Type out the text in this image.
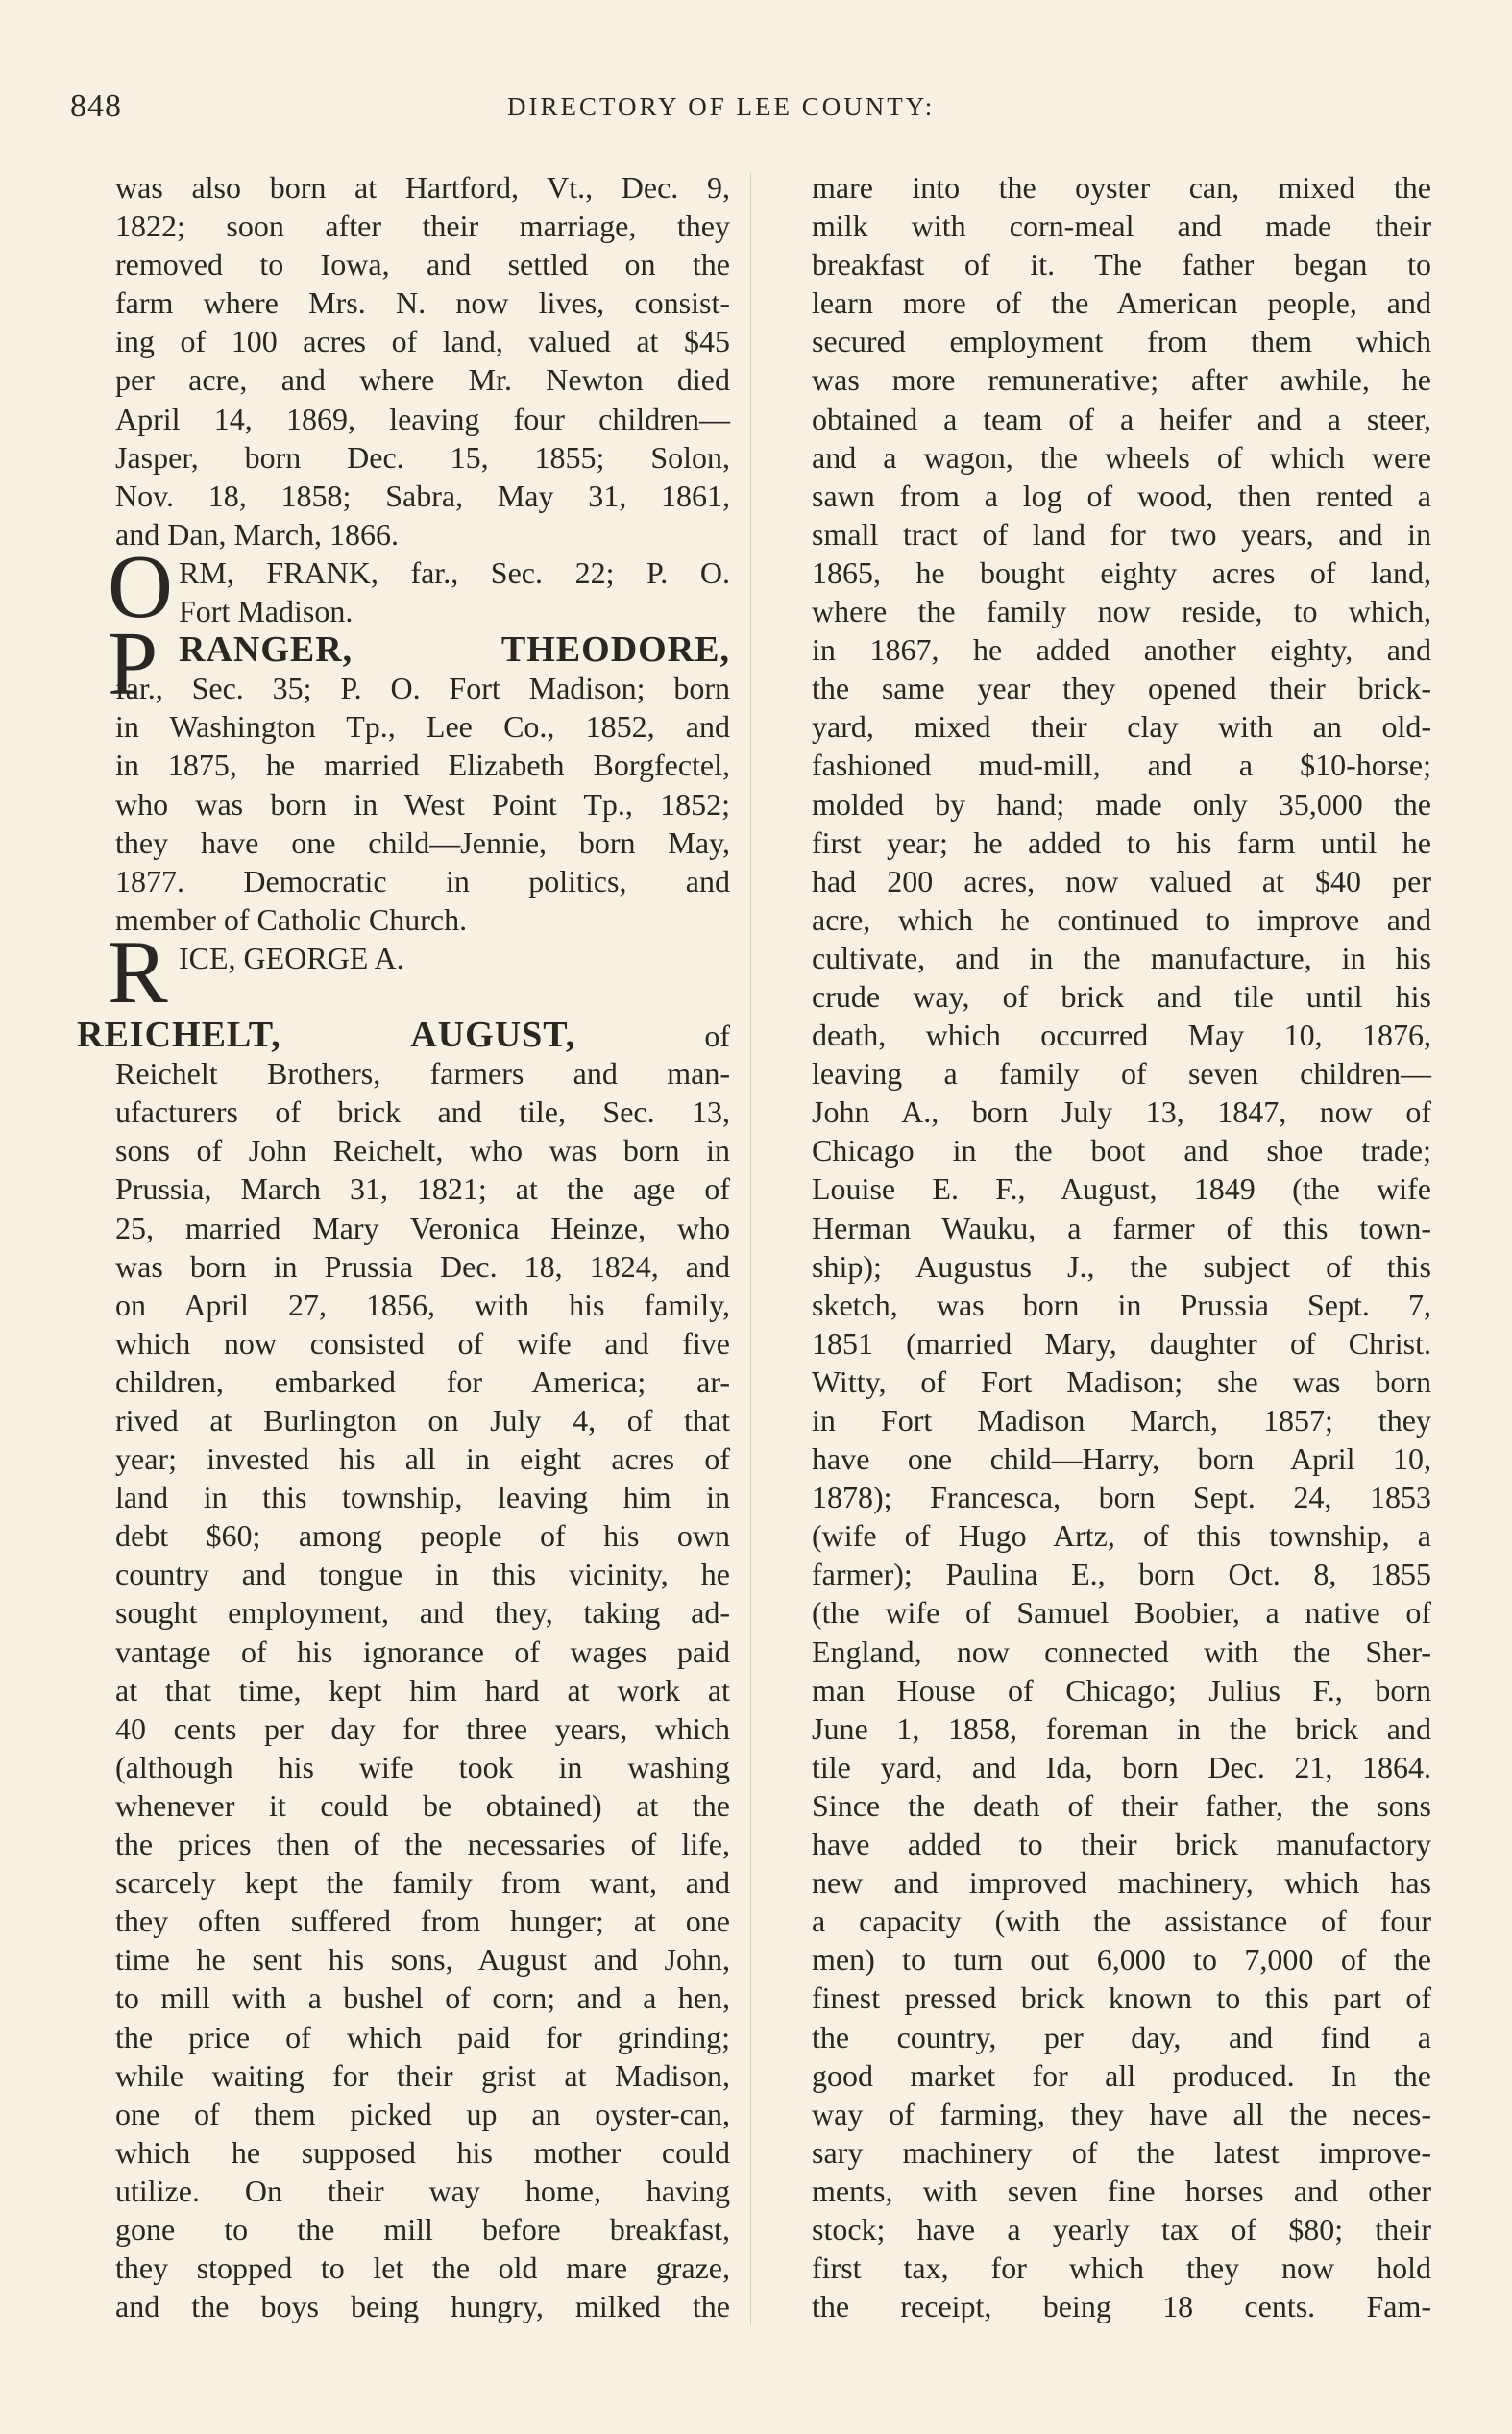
848	DIRECTORY OF LEE COUNTY:
was also born at Hartford, Vt., Dec. 9,
1822; soon after their marriage, they
removed to Iowa, and settled on the
farm where Mrs. N. now lives, consist-
ing of 100 acres of land, valued at $45
per acre, and where Mr. Newton died
April 14, 1869, leaving four children—
Jasper, born Dec. 15, 1855; Solon,
Nov. 18, 1858; Sabra, May 31, 1861,
and Dan, March, 1866.
O RM, FRANK, far., Sec. 22; P. O.
Fort Madison.
P RANGER, THEODORE,
far., Sec. 35; P. O. Fort Madison; born
in Washington Tp., Lee Co., 1852, and
in 1875, he married Elizabeth Borgfectel,
who was born in West Point Tp., 1852;
they have one child—Jennie, born May,
1877. Democratic in politics, and
member of Catholic Church.
R ICE, GEORGE A.
REICHELT, AUGUST,	of
Reichelt Brothers, farmers and man-
ufacturers of brick and tile, Sec. 13,
sons of John Reichelt, who was born in
Prussia, March 31, 1821; at the age of
25, married Mary Veronica Heinze, who
was born in Prussia Dec. 18, 1824, and
on April 27, 1856, with his family,
which now consisted of wife and five
children, embarked for America; ar-
rived at Burlington on July 4, of that
year; invested his all in eight acres of
land in this township, leaving him in
debt $60; among people of his own
country and tongue in this vicinity, he
sought employment, and they, taking ad-
vantage of his ignorance of wages paid
at that time, kept him hard at work at
40 cents per day for three years, which
(although his wife took in washing
whenever it could be obtained) at the
the prices then of the necessaries of life,
scarcely kept the family from want, and
they often suffered from hunger; at one
time he sent his sons, August and John,
to mill with a bushel of corn; and a hen,
the price of which paid for grinding;
while waiting for their grist at Madison,
one of them picked up an oyster-can,
which he supposed his mother could
utilize. On their way home, having
gone to the mill before breakfast,
they stopped to let the old mare graze,
and the boys being hungry, milked the
mare into the oyster can, mixed the
milk with corn-meal and made their
breakfast of it. The father began to
learn more of the American people, and
secured employment from them which
was more remunerative; after awhile, he
obtained a team of a heifer and a steer,
and a wagon, the wheels of which were
sawn from a log of wood, then rented a
small tract of land for two years, and in
1865, he bought eighty acres of land,
where the family now reside, to which,
in 1867, he added another eighty, and
the same year they opened their brick-
yard, mixed their clay with an old-
fashioned mud-mill, and a $10-horse;
molded by hand; made only 35,000 the
first year; he added to his farm until he
had 200 acres, now valued at $40 per
acre, which he continued to improve and
cultivate, and in the manufacture, in his
crude way, of brick and tile until his
death, which occurred May 10, 1876,
leaving a family of seven children—
John A., born July 13, 1847, now of
Chicago in the boot and shoe trade;
Louise E. F., August, 1849 (the wife
Herman Wauku, a farmer of this town-
ship); Augustus J., the subject of this
sketch, was born in Prussia Sept. 7,
1851 (married Mary, daughter of Christ.
Witty, of Fort Madison; she was born
in Fort Madison March, 1857; they
have one child—Harry, born April 10,
1878); Francesca, born Sept. 24, 1853
(wife of Hugo Artz, of this township, a
farmer); Paulina E., born Oct. 8, 1855
(the wife of Samuel Boobier, a native of
England, now connected with the Sher-
man House of Chicago; Julius F., born
June 1, 1858, foreman in the brick and
tile yard, and Ida, born Dec. 21, 1864.
Since the death of their father, the sons
have added to their brick manufactory
new and improved machinery, which has
a capacity (with the assistance of four
men) to turn out 6,000 to 7,000 of the
finest pressed brick known to this part of
the country, per day, and find a
good market for all produced. In the
way of farming, they have all the neces-
sary machinery of the latest improve-
ments, with seven fine horses and other
stock; have a yearly tax of $80; their
first tax, for which they now hold
the receipt, being 18 cents. Fam-
